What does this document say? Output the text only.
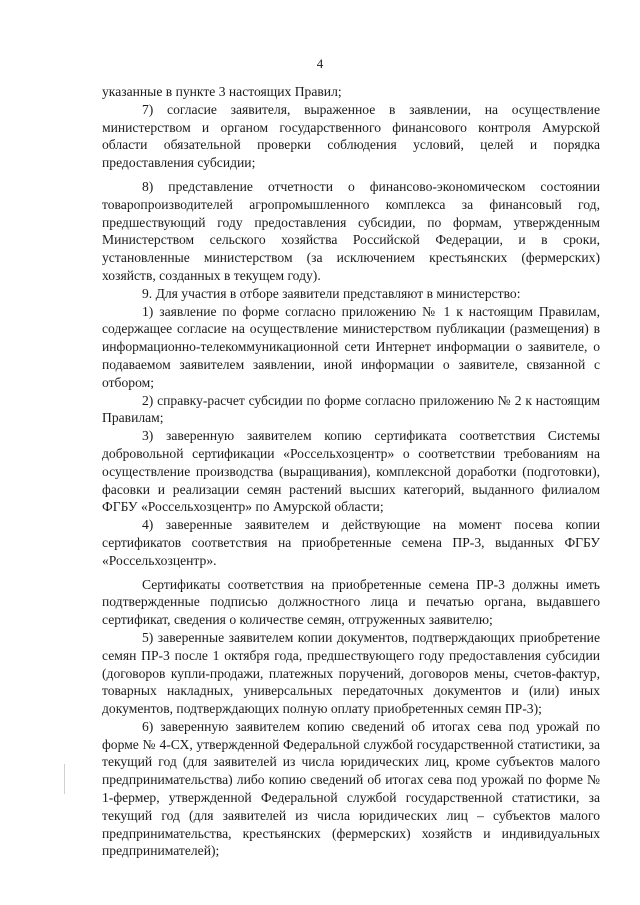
4

указанные в пункте 3 настоящих Правил;

7) согласие заявителя, выраженное в заявлении, на осуществление министерством и органом государственного финансового контроля Амурской области обязательной проверки соблюдения условий, целей и порядка предоставления субсидии;

8) представление отчетности о финансово-экономическом состоянии товаропроизводителей агропромышленного комплекса за финансовый год, предшествующий году предоставления субсидии, по формам, утвержденным Министерством сельского хозяйства Российской Федерации, и в сроки, установленные министерством (за исключением крестьянских (фермерских) хозяйств, созданных в текущем году).

9. Для участия в отборе заявители представляют в министерство:

1) заявление по форме согласно приложению № 1 к настоящим Правилам, содержащее согласие на осуществление министерством публикации (размещения) в информационно-телекоммуникационной сети Интернет информации о заявителе, о подаваемом заявителем заявлении, иной информации о заявителе, связанной с отбором;

2) справку-расчет субсидии по форме согласно приложению № 2 к настоящим Правилам;

3) заверенную заявителем копию сертификата соответствия Системы добровольной сертификации «Россельхозцентр» о соответствии требованиям на осуществление производства (выращивания), комплексной доработки (подготовки), фасовки и реализации семян растений высших категорий, выданного филиалом ФГБУ «Россельхозцентр» по Амурской области;

4) заверенные заявителем и действующие на момент посева копии сертификатов соответствия на приобретенные семена ПР-3, выданных ФГБУ «Россельхозцентр».

Сертификаты соответствия на приобретенные семена ПР-3 должны иметь подтвержденные подписью должностного лица и печатью органа, выдавшего сертификат, сведения о количестве семян, отгруженных заявителю;

5) заверенные заявителем копии документов, подтверждающих приобретение семян ПР-3 после 1 октября года, предшествующего году предоставления субсидии (договоров купли-продажи, платежных поручений, договоров мены, счетов-фактур, товарных накладных, универсальных передаточных документов и (или) иных документов, подтверждающих полную оплату приобретенных семян ПР-3);

6) заверенную заявителем копию сведений об итогах сева под урожай по форме № 4-СХ, утвержденной Федеральной службой государственной статистики, за текущий год (для заявителей из числа юридических лиц, кроме субъектов малого предпринимательства) либо копию сведений об итогах сева под урожай по форме № 1-фермер, утвержденной Федеральной службой государственной статистики, за текущий год (для заявителей из числа юридических лиц – субъектов малого предпринимательства, крестьянских (фермерских) хозяйств и индивидуальных предпринимателей);
